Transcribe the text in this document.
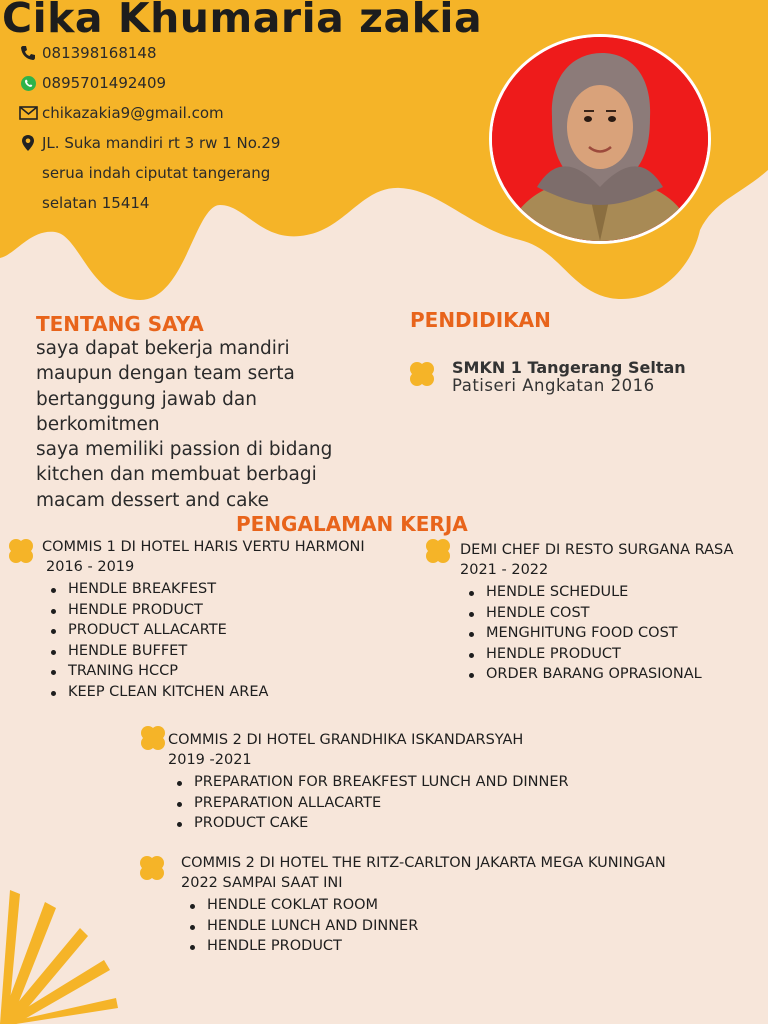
Cika Khumaria zakia
081398168148
0895701492409
chikazakia9@gmail.com
JL. Suka mandiri rt 3 rw 1 No.29
serua indah ciputat tangerang
selatan 15414
TENTANG SAYA

saya dapat bekerja mandiri

maupun dengan team serta

bertanggung jawab dan

berkomitmen

saya memiliki passion di bidang

kitchen dan membuat berbagi

macam dessert and cake

PENDIDIKAN
SMKN 1 Tangerang Seltan
Patiseri Angkatan 2016
PENGALAMAN KERJA
COMMIS 1 DI HOTEL HARIS VERTU HARMONI
2016 - 2019
HENDLE BREAKFEST
HENDLE PRODUCT
PRODUCT ALLACARTE
HENDLE BUFFET
TRANING HCCP
KEEP CLEAN KITCHEN AREA
DEMI CHEF DI RESTO SURGANA RASA
2021 - 2022
HENDLE SCHEDULE
HENDLE COST
MENGHITUNG FOOD COST
HENDLE PRODUCT
ORDER BARANG OPRASIONAL
COMMIS 2 DI HOTEL GRANDHIKA ISKANDARSYAH
2019 -2021
PREPARATION FOR BREAKFEST LUNCH AND DINNER
PREPARATION ALLACARTE
PRODUCT CAKE
COMMIS 2 DI HOTEL THE RITZ-CARLTON JAKARTA MEGA KUNINGAN
2022 SAMPAI SAAT INI
HENDLE COKLAT ROOM
HENDLE LUNCH AND DINNER
HENDLE PRODUCT
